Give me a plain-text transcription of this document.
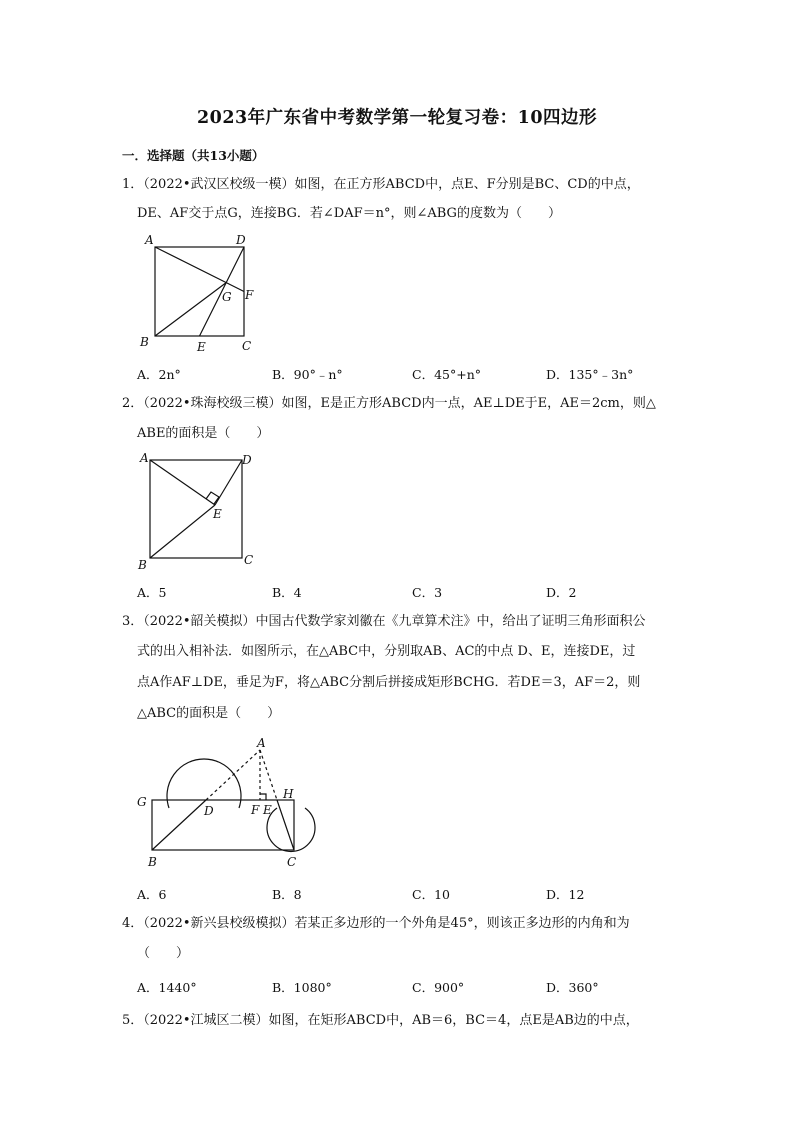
2023年广东省中考数学第一轮复习卷：10四边形
一．选择题（共13小题）
1．（2022•武汉区校级一模）如图，在正方形ABCD中，点E、F分别是BC、CD的中点，
DE、AF交于点G，连接BG．若∠DAF＝n°，则∠ABG的度数为（　　）
A	D
B	C
E
F
G
A．2n°	B．90°﹣n°	C．45°+n°	D．135°﹣3n°
2．（2022•珠海校级三模）如图，E是正方形ABCD内一点，AE⊥DE于E，AE＝2cm，则△
ABE的面积是（　　）
A	D
B	C
E
A．5	B．4	C．3	D．2
3．（2022•韶关模拟）中国古代数学家刘徽在《九章算术注》中，给出了证明三角形面积公
式的出入相补法．如图所示，在△ABC中，分别取AB、AC的中点 D、E，连接DE，过
点A作AF⊥DE，垂足为F，将△ABC分割后拼接成矩形BCHG．若DE＝3，AF＝2，则
△ABC的面积是（　　）
A
G
D	F E
H
B	C
A．6	B．8	C．10	D．12
4．（2022•新兴县校级模拟）若某正多边形的一个外角是45°，则该正多边形的内角和为
（　　）
A．1440°	B．1080°	C．900°	D．360°
5．（2022•江城区二模）如图，在矩形ABCD中，AB＝6，BC＝4，点E是AB边的中点，
